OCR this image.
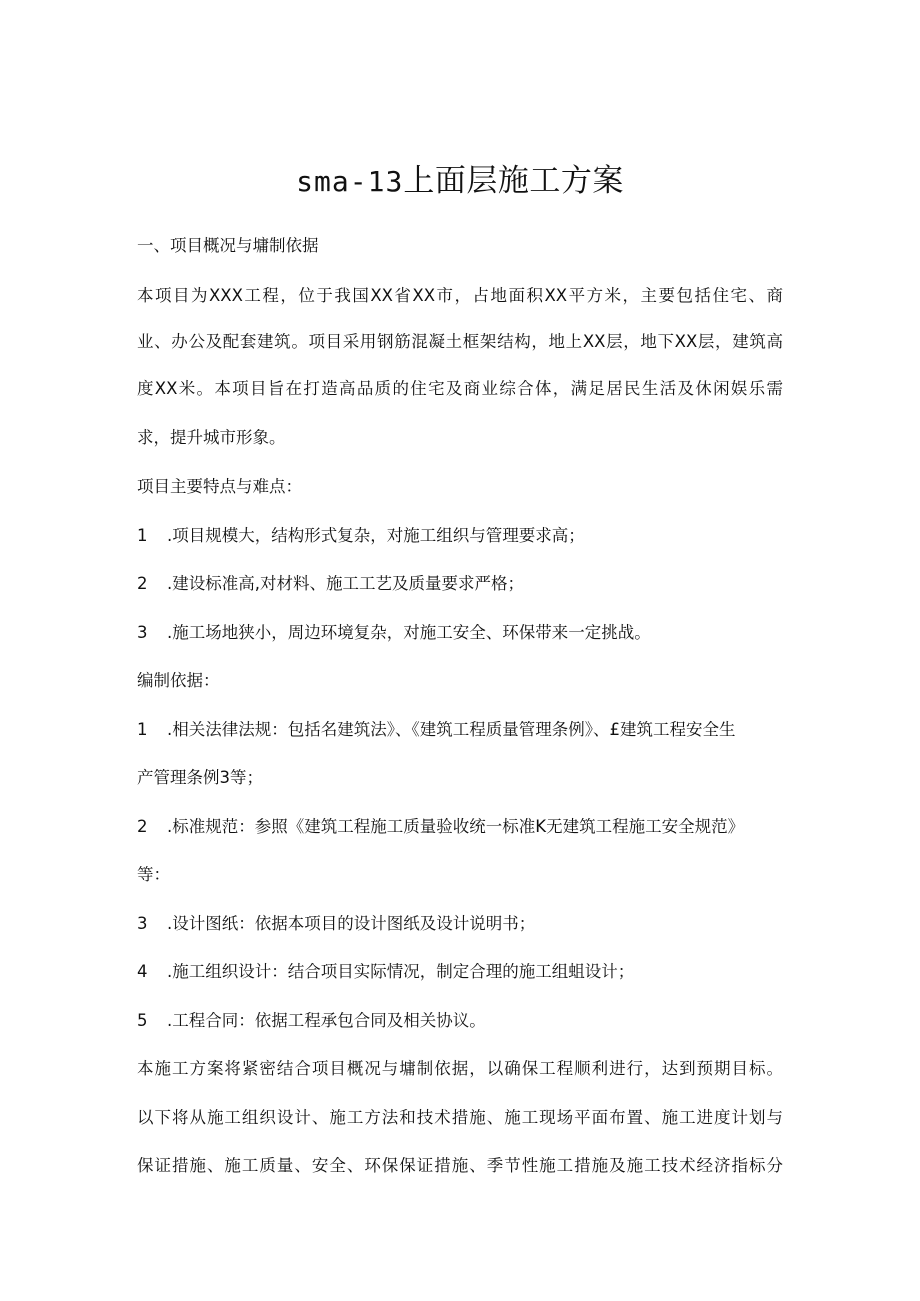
sma-13上面层施工方案
一、项目概况与墉制依据
本项目为XXX工程，位于我国XX省XX市，占地面积XX平方米，主要包括住宅、商
业、办公及配套建筑。项目采用钢筋混凝土框架结构，地上XX层，地下XX层，建筑高
度XX米。本项目旨在打造高品质的住宅及商业综合体，满足居民生活及休闲娱乐需
求，提升城市形象。
项目主要特点与难点：
1 .项目规模大，结构形式复杂，对施工组织与管理要求高；
2 .建设标准高,对材料、施工工艺及质量要求严格；
3 .施工场地狭小，周边环境复杂，对施工安全、环保带来一定挑战。
编制依据：
1 .相关法律法规：包括名建筑法》、《建筑工程质量管理条例》、£建筑工程安全生
产管理条例3等；
2 .标准规范：参照《建筑工程施工质量验收统一标准K无建筑工程施工安全规范》
等：
3 .设计图纸：依据本项目的设计图纸及设计说明书；
4 .施工组织设计：结合项目实际情况，制定合理的施工组蛆设计；
5 .工程合同：依据工程承包合同及相关协议。
本施工方案将紧密结合项目概况与墉制依据，以确保工程顺利进行，达到预期目标。
以下将从施工组织设计、施工方法和技术措施、施工现场平面布置、施工进度计划与
保证措施、施工质量、安全、环保保证措施、季节性施工措施及施工技术经济指标分
